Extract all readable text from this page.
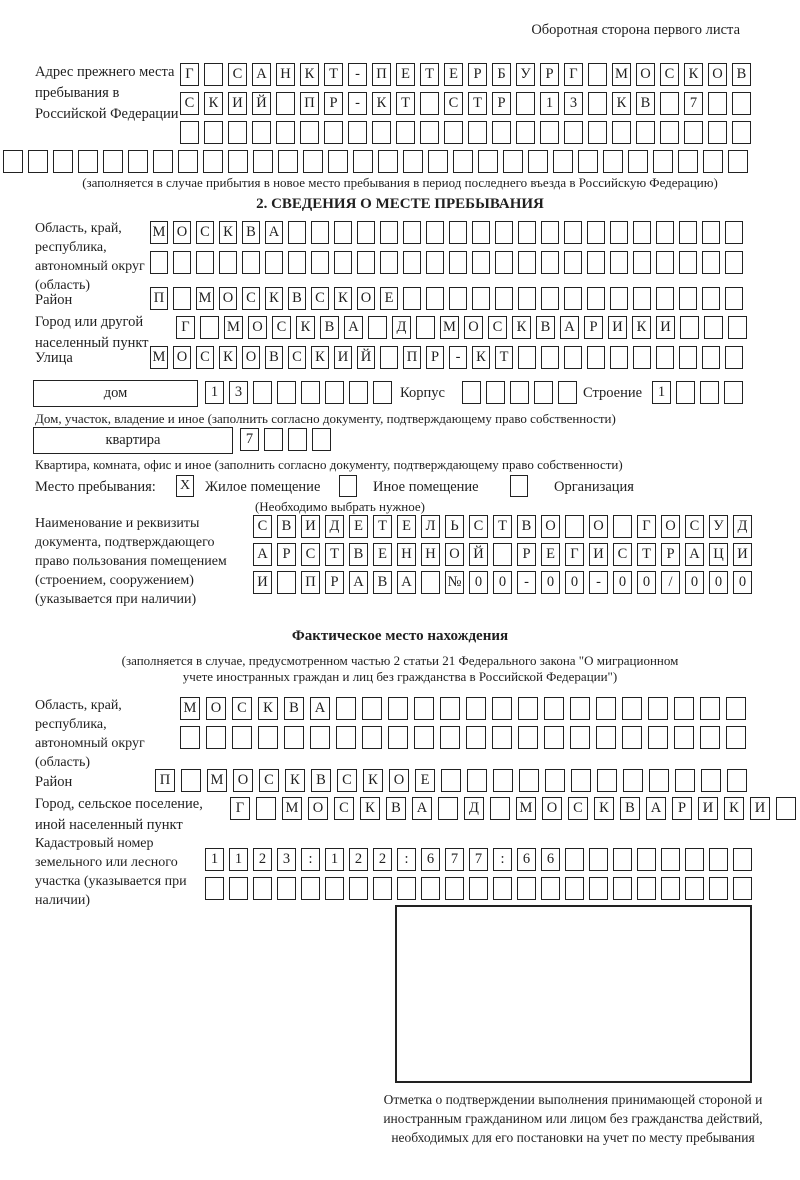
Оборотная сторона первого листа
Адрес прежнего места пребывания в Российской Федерации
Г	С А Н К	Т	-	П Е	Т	Е	Р	Б	У	Р	Г	М О С К О В
С К И Й	П	Р	-	К	Т	С	Т	Р	1	3	К В	7
(заполняется в случае прибытия в новое место пребывания в период последнего въезда в Российскую Федерацию)
2. СВЕДЕНИЯ О МЕСТЕ ПРЕБЫВАНИЯ
Область, край, республика, автономный округ (область)
М О С К В А
Район	П М О С К В С К О Е
Город или другой населенный пункт
Г	М О С К В А	Д	М О С К В А	Р	И К И
Улица	М О С К О В С К И Й П Р	-	К Т
дом	1	3	Корпус	Строение	1
Дом, участок, владение и иное (заполнить согласно документу, подтверждающему право собственности)
квартира	7
Квартира, комната, офис и иное (заполнить согласно документу, подтверждающему право собственности)
Место пребывания: X Жилое помещение	Иное помещение	Организация
(Необходимо выбрать нужное)
Наименование и реквизиты документа, подтверждающего право пользования помещением (строением, сооружением) (указывается при наличии)
С В И Д	Е	Т	Е	Л	Ь	С	Т	В О	О	Г	О С У Д
А	Р	С	Т	В	Е Н Н О Й	Р	Е	Г	И С	Т	Р	А Ц И
И	П	Р	А В А № 0	0	-	0	0	-	0	0	/	0	0	0
Фактическое место нахождения
(заполняется в случае, предусмотренном частью 2 статьи 21 Федерального закона "О миграционном учете иностранных граждан и лиц без гражданства в Российской Федерации")
Область, край, республика, автономный округ (область)
М О	С	К	В	А
Район	П	М О	С	К	В	С	К	О	Е
Город, сельское поселение, иной населенный пункт
Г	М О	С	К	В	А	Д	М О	С	К	В	А	Р	И	К	И
Кадастровый номер земельного или лесного участка (указывается при наличии)
1	1	2	3	:	1	2	2	:	6	7	7	:	6	6
Отметка о подтверждении выполнения принимающей стороной и иностранным гражданином или лицом без гражданства действий, необходимых для его постановки на учет по месту пребывания
